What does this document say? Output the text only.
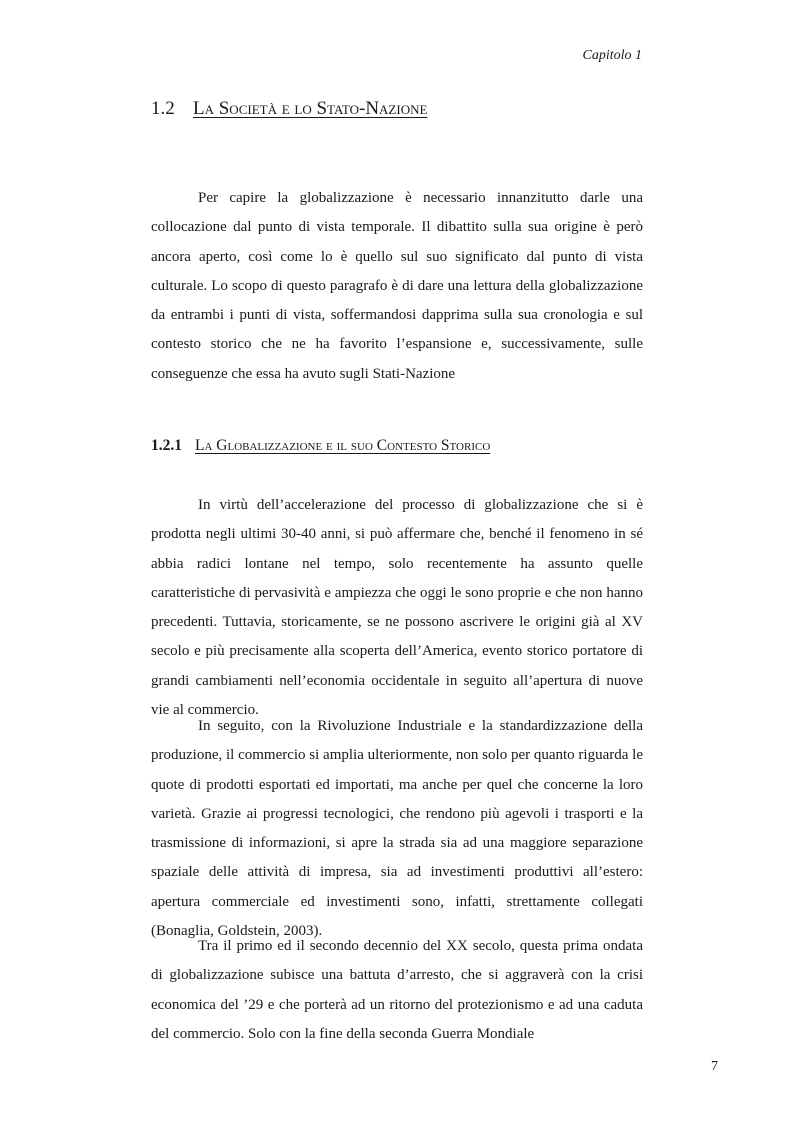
Capitolo 1
1.2 La Società e lo Stato-Nazione

Per capire la globalizzazione è necessario innanzitutto darle una collocazione dal punto di vista temporale. Il dibattito sulla sua origine è però ancora aperto, così come lo è quello sul suo significato dal punto di vista culturale. Lo scopo di questo paragrafo è di dare una lettura della globalizzazione da entrambi i punti di vista, soffermandosi dapprima sulla sua cronologia e sul contesto storico che ne ha favorito l’espansione e, successivamente, sulle conseguenze che essa ha avuto sugli Stati-Nazione

1.2.1 La Globalizzazione e il suo Contesto Storico

In virtù dell’accelerazione del processo di globalizzazione che si è prodotta negli ultimi 30-40 anni, si può affermare che, benché il fenomeno in sé abbia radici lontane nel tempo, solo recentemente ha assunto quelle caratteristiche di pervasività e ampiezza che oggi le sono proprie e che non hanno precedenti. Tuttavia, storicamente, se ne possono ascrivere le origini già al XV secolo e più precisamente alla scoperta dell’America, evento storico portatore di grandi cambiamenti nell’economia occidentale in seguito all’apertura di nuove vie al commercio.

In seguito, con la Rivoluzione Industriale e la standardizzazione della produzione, il commercio si amplia ulteriormente, non solo per quanto riguarda le quote di prodotti esportati ed importati, ma anche per quel che concerne la loro varietà. Grazie ai progressi tecnologici, che rendono più agevoli i trasporti e la trasmissione di informazioni, si apre la strada sia ad una maggiore separazione spaziale delle attività di impresa, sia ad investimenti produttivi all’estero: apertura commerciale ed investimenti sono, infatti, strettamente collegati (Bonaglia, Goldstein, 2003).

Tra il primo ed il secondo decennio del XX secolo, questa prima ondata di globalizzazione subisce una battuta d’arresto, che si aggraverà con la crisi economica del ’29 e che porterà ad un ritorno del protezionismo e ad una caduta del commercio. Solo con la fine della seconda Guerra Mondiale

7
